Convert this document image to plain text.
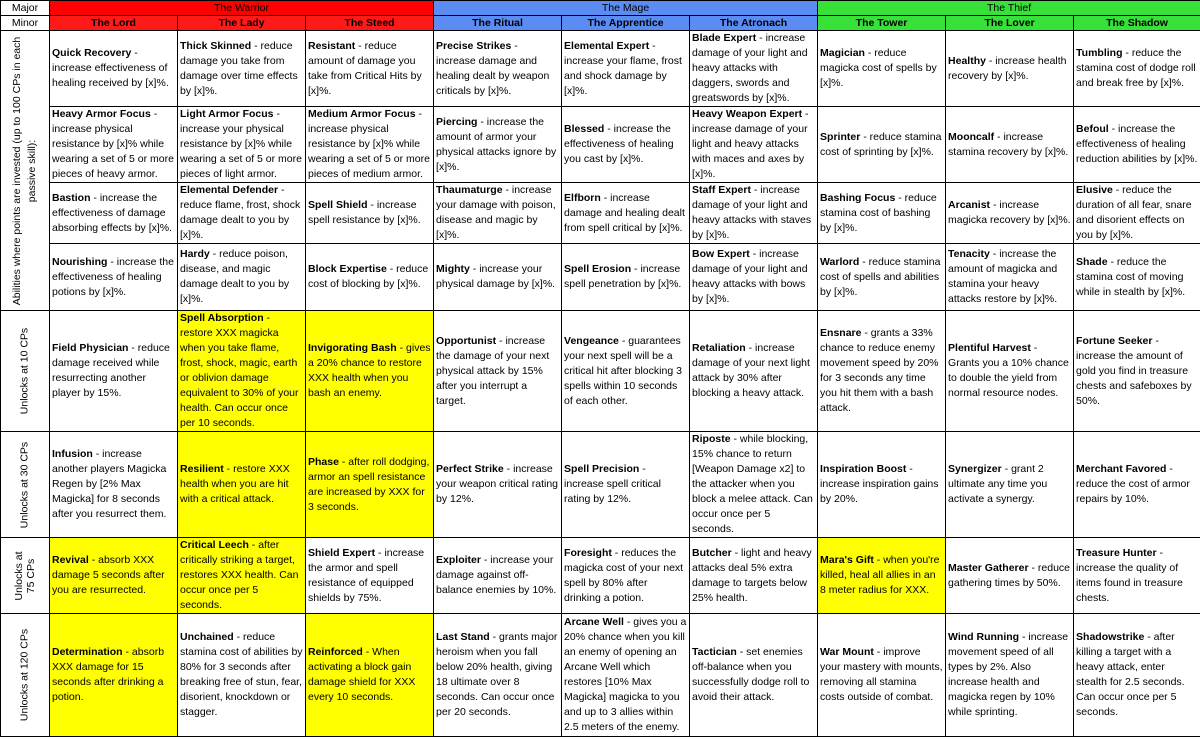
Major	The Warrior			The Mage			The Thief		
Minor	The Lord	The Lady	The Steed	The Ritual	The Apprentice	The Atronach	The Tower	The Lover	The Shadow

Abilities where points are invested (up to 100 CPs in each passive skill):	Quick Recovery - increase effectiveness of healing received by [x]%.	Thick Skinned - reduce damage you take from damage over time effects by [x]%.	Resistant - reduce amount of damage you take from Critical Hits by [x]%.	Precise Strikes - increase damage and healing dealt by weapon criticals by [x]%.	Elemental Expert - increase your flame, frost and shock damage by [x]%.	Blade Expert - increase damage of your light and heavy attacks with daggers, swords and greatswords by [x]%.	Magician - reduce magicka cost of spells by [x]%.	Healthy - increase health recovery by [x]%.	Tumbling - reduce the stamina cost of dodge roll and break free by [x]%.

	Heavy Armor Focus - increase physical resistance by [x]% while wearing a set of 5 or more pieces of heavy armor.	Light Armor Focus - increase your physical resistance by [x]% while wearing a set of 5 or more pieces of light armor.	Medium Armor Focus - increase physical resistance by [x]% while wearing a set of 5 or more pieces of medium armor.	Piercing - increase the amount of armor your physical attacks ignore by [x]%.	Blessed - increase the effectiveness of healing you cast by [x]%.	Heavy Weapon Expert - increase damage of your light and heavy attacks with maces and axes by [x]%.	Sprinter - reduce stamina cost of sprinting by [x]%.	Mooncalf - increase stamina recovery by [x]%.	Befoul - increase the effectiveness of healing reduction abilities by [x]%.

	Bastion - increase the effectiveness of damage absorbing effects by [x]%.	Elemental Defender - reduce flame, frost, shock damage dealt to you by [x]%.	Spell Shield - increase spell resistance by [x]%.	Thaumaturge - increase your damage with poison, disease and magic by [x]%.	Elfborn - increase damage and healing dealt from spell critical by [x]%.	Staff Expert - increase damage of your light and heavy attacks with staves by [x]%.	Bashing Focus - reduce stamina cost of bashing by [x]%.	Arcanist - increase magicka recovery by [x]%.	Elusive - reduce the duration of all fear, snare and disorient effects on you by [x]%.

	Nourishing - increase the effectiveness of healing potions by [x]%.	Hardy - reduce poison, disease, and magic damage dealt to you by [x]%.	Block Expertise - reduce cost of blocking by [x]%.	Mighty - increase your physical damage by [x]%.	Spell Erosion - increase spell penetration by [x]%.	Bow Expert - increase damage of your light and heavy attacks with bows by [x]%.	Warlord - reduce stamina cost of spells and abilities by [x]%.	Tenacity - increase the amount of magicka and stamina your heavy attacks restore by [x]%.	Shade - reduce the stamina cost of moving while in stealth by [x]%.

Unlocks at 10 CPs	Field Physician - reduce damage received while resurrecting another player by 15%.	Spell Absorption - restore XXX magicka when you take flame, frost, shock, magic, earth or oblivion damage equivalent to 30% of your health. Can occur once per 10 seconds.	Invigorating Bash - gives a 20% chance to restore XXX health when you bash an enemy.	Opportunist - increase the damage of your next physical attack by 15% after you interrupt a target.	Vengeance - guarantees your next spell will be a critical hit after blocking 3 spells within 10 seconds of each other.	Retaliation - increase damage of your next light attack by 30% after blocking a heavy attack.	Ensnare - grants a 33% chance to reduce enemy movement speed by 20% for 3 seconds any time you hit them with a bash attack.	Plentiful Harvest - Grants you a 10% chance to double the yield from normal resource nodes.	Fortune Seeker - increase the amount of gold you find in treasure chests and safeboxes by 50%.

Unlocks at 30 CPs	Infusion - increase another players Magicka Regen by [2% Max Magicka] for 8 seconds after you resurrect them.	Resilient - restore XXX health when you are hit with a critical attack.	Phase - after roll dodging, armor an spell resistance are increased by XXX for 3 seconds.	Perfect Strike - increase your weapon critical rating by 12%.	Spell Precision - increase spell critical rating by 12%.	Riposte - while blocking, 15% chance to return [Weapon Damage x2] to the attacker when you block a melee attack. Can occur once per 5 seconds.	Inspiration Boost - increase inspiration gains by 20%.	Synergizer - grant 2 ultimate any time you activate a synergy.	Merchant Favored - reduce the cost of armor repairs by 10%.

Unlocks at 75 CPs	Revival - absorb XXX damage 5 seconds after you are resurrected.	Critical Leech - after critically striking a target, restores XXX health. Can occur once per 5 seconds.	Shield Expert - increase the armor and spell resistance of equipped shields by 75%.	Exploiter - increase your damage against off-balance enemies by 10%.	Foresight - reduces the magicka cost of your next spell by 80% after drinking a potion.	Butcher - light and heavy attacks deal 5% extra damage to targets below 25% health.	Mara's Gift - when you're killed, heal all allies in an 8 meter radius for XXX.	Master Gatherer - reduce gathering times by 50%.	Treasure Hunter - increase the quality of items found in treasure chests.

Unlocks at 120 CPs	Determination - absorb XXX damage for 15 seconds after drinking a potion.	Unchained - reduce stamina cost of abilities by 80% for 3 seconds after breaking free of stun, fear, disorient, knockdown or stagger.	Reinforced - When activating a block gain damage shield for XXX every 10 seconds.	Last Stand - grants major heroism when you fall below 20% health, giving 18 ultimate over 8 seconds. Can occur once per 20 seconds.	Arcane Well - gives you a 20% chance when you kill an enemy of opening an Arcane Well which restores [10% Max Magicka] magicka to you and up to 3 allies within 2.5 meters of the enemy.	Tactician - set enemies off-balance when you successfully dodge roll to avoid their attack.	War Mount - improve your mastery with mounts, removing all stamina costs outside of combat.	Wind Running - increase movement speed of all types by 2%. Also increase health and magicka regen by 10% while sprinting.	Shadowstrike - after killing a target with a heavy attack, enter stealth for 2.5 seconds. Can occur once per 5 seconds.
